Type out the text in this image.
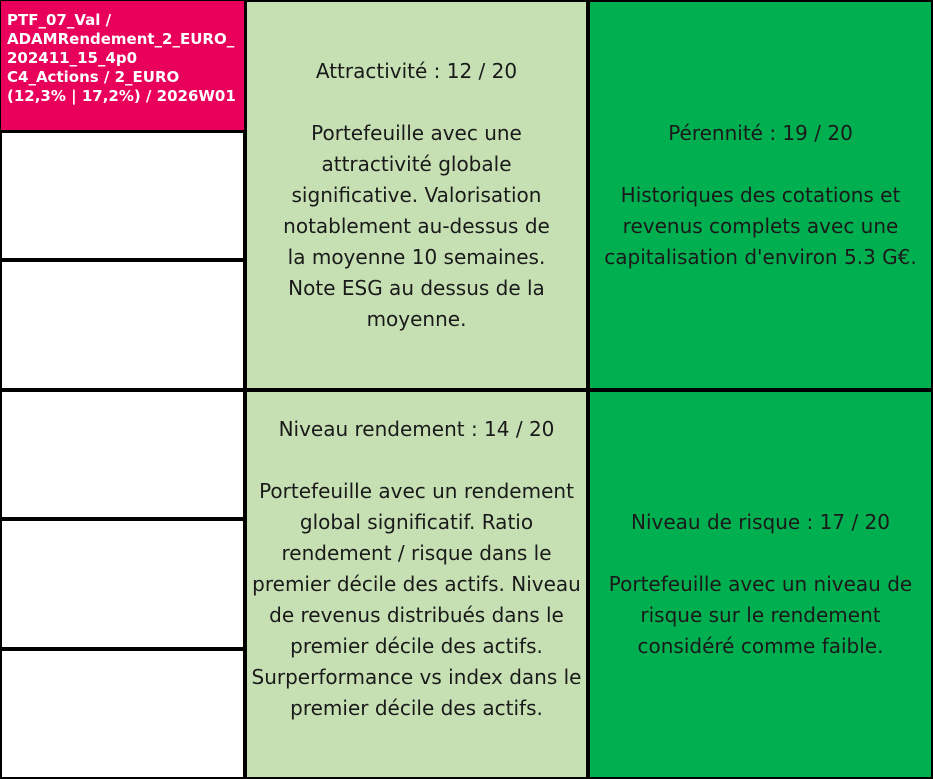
PTF_07_Val /
ADAMRendement_2_EURO_
202411_15_4p0
C4_Actions / 2_EURO
(12,3% | 17,2%) / 2026W01
Attractivité : 12 / 20
Portefeuille avec une attractivité globale significative. Valorisation notablement au-dessus de la moyenne 10 semaines. Note ESG au dessus de la moyenne.
Pérennité : 19 / 20
Historiques des cotations et revenus complets avec une capitalisation d'environ 5.3 G€.
Niveau rendement : 14 / 20
Portefeuille avec un rendement global significatif. Ratio rendement / risque dans le premier décile des actifs. Niveau de revenus distribués dans le premier décile des actifs. Surperformance vs index dans le premier décile des actifs.
Niveau de risque : 17 / 20
Portefeuille avec un niveau de risque sur le rendement considéré comme faible.
